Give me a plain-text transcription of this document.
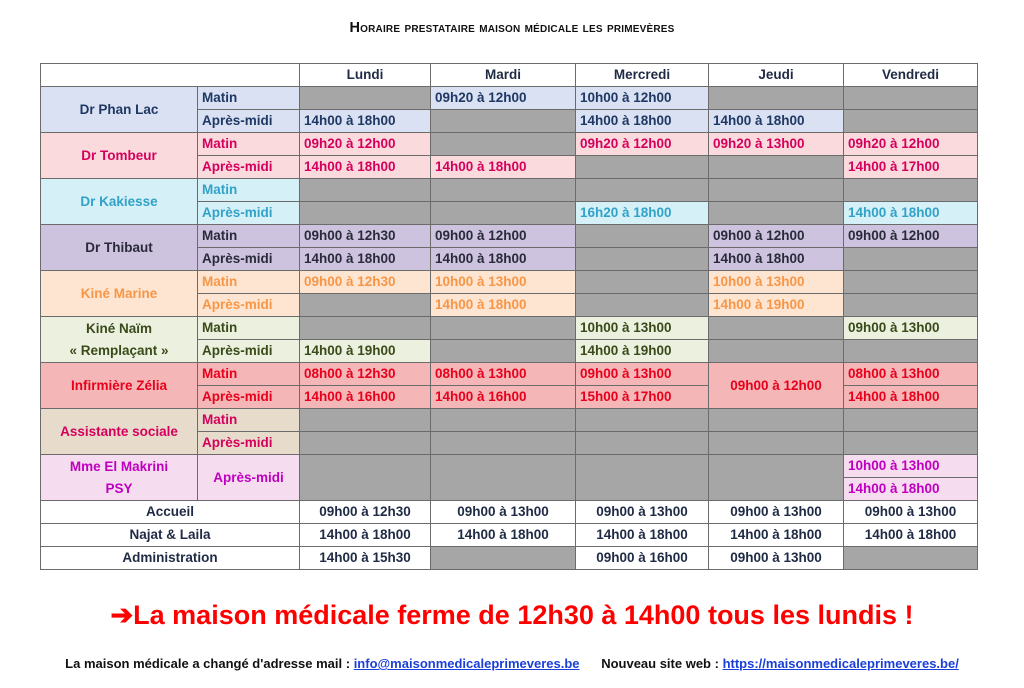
Horaire prestataire maison médicale les primevères
		Lundi	Mardi	Mercredi	Jeudi	Vendredi

Dr Phan Lac	Matin		09h20 à 12h00	10h00 à 12h00		
	Après-midi	14h00 à 18h00		14h00 à 18h00	14h00 à 18h00	

Dr Tombeur	Matin	09h20 à 12h00		09h20 à 12h00	09h20 à 13h00	09h20 à 12h00
	Après-midi	14h00 à 18h00	14h00 à 18h00			14h00 à 17h00

Dr Kakiesse	Matin					
	Après-midi			16h20 à 18h00		14h00 à 18h00

Dr Thibaut	Matin	09h00 à 12h30	09h00 à 12h00		09h00 à 12h00	09h00 à 12h00
	Après-midi	14h00 à 18h00	14h00 à 18h00		14h00 à 18h00	

Kiné Marine	Matin	09h00 à 12h30	10h00 à 13h00		10h00 à 13h00	
	Après-midi		14h00 à 18h00		14h00 à 19h00	

Kiné Naïm
« Remplaçant »	Matin			10h00 à 13h00		09h00 à 13h00
	Après-midi	14h00 à 19h00		14h00 à 19h00		

Infirmière Zélia	Matin	08h00 à 12h30	08h00 à 13h00	09h00 à 13h00	09h00 à 12h00	08h00 à 13h00
	Après-midi	14h00 à 16h00	14h00 à 16h00	15h00 à 17h00		14h00 à 18h00

Assistante sociale	Matin					
	Après-midi					

Mme El Makrini
PSY	Après-midi					10h00 à 13h00
						14h00 à 18h00
Accueil		09h00 à 12h30	09h00 à 13h00	09h00 à 13h00	09h00 à 13h00	09h00 à 13h00
Najat & Laila		14h00 à 18h00	14h00 à 18h00	14h00 à 18h00	14h00 à 18h00	14h00 à 18h00
Administration		14h00 à 15h30		09h00 à 16h00	09h00 à 13h00	
➔La maison médicale ferme de 12h30 à 14h00 tous les lundis !
La maison médicale a changé d'adresse mail : info@maisonmedicaleprimeveres.be Nouveau site web : https://maisonmedicaleprimeveres.be/
